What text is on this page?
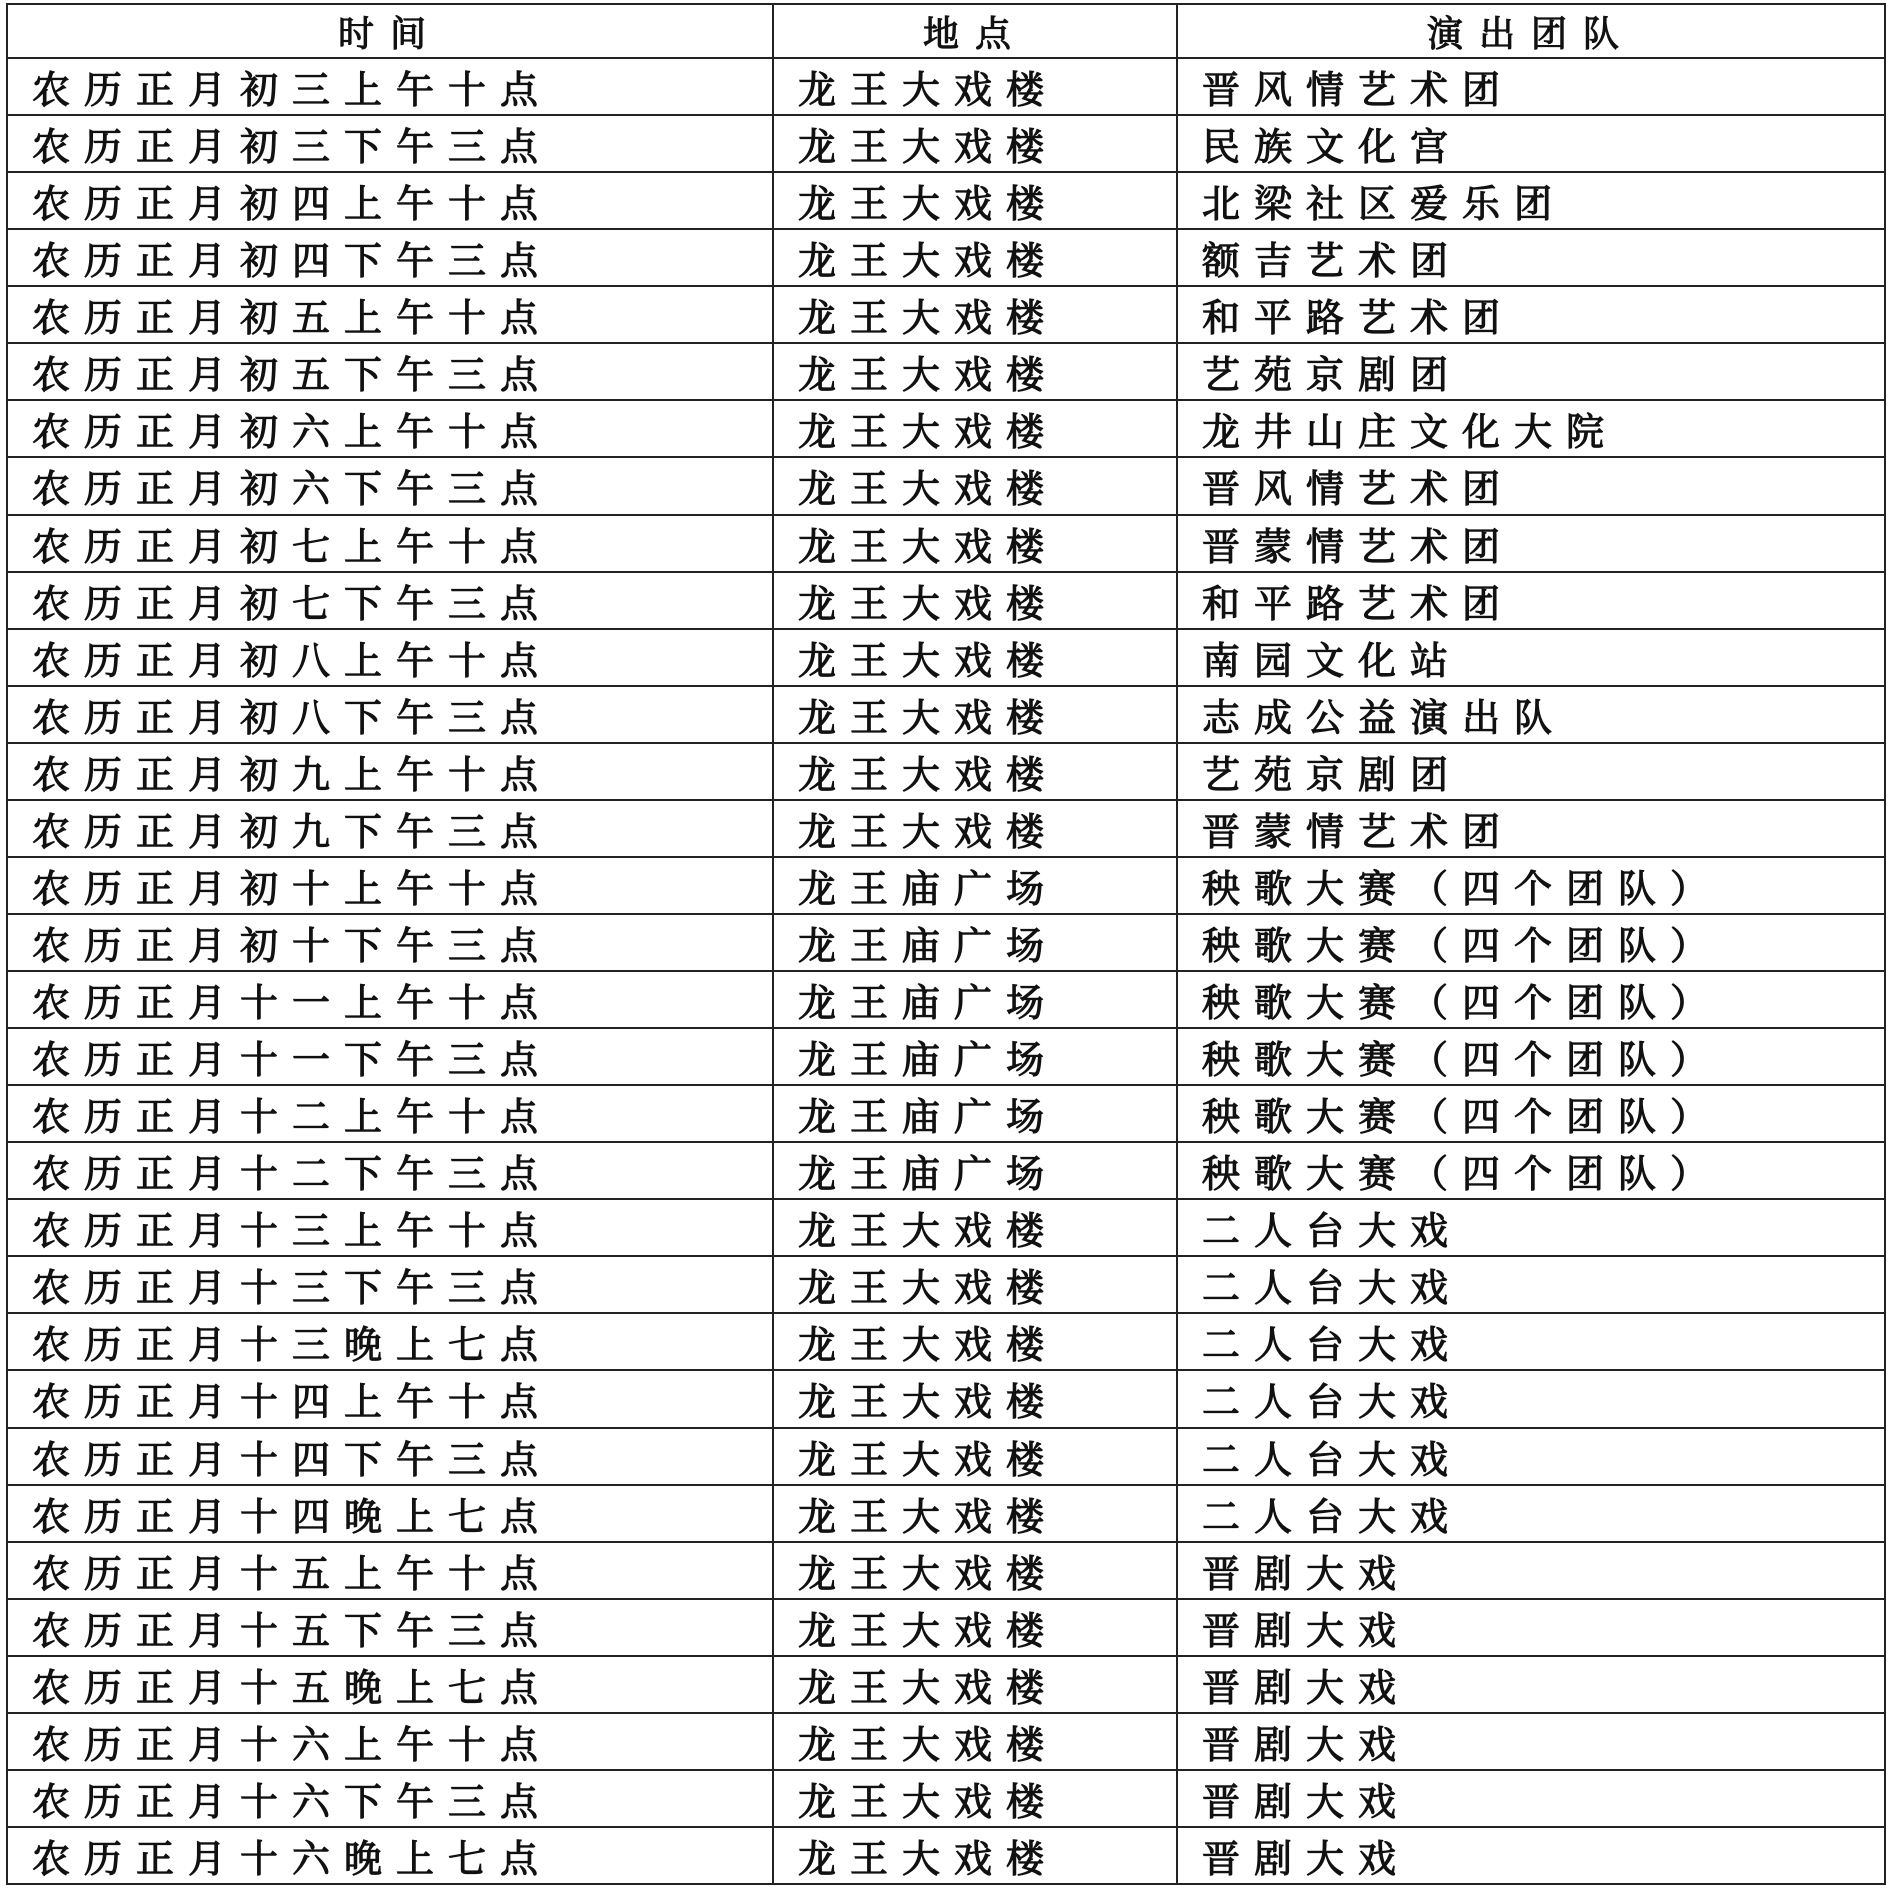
时间	地点	演出团队
农历正月初三上午十点	龙王大戏楼	晋风情艺术团
农历正月初三下午三点	龙王大戏楼	民族文化宫
农历正月初四上午十点	龙王大戏楼	北梁社区爱乐团
农历正月初四下午三点	龙王大戏楼	额吉艺术团
农历正月初五上午十点	龙王大戏楼	和平路艺术团
农历正月初五下午三点	龙王大戏楼	艺苑京剧团
农历正月初六上午十点	龙王大戏楼	龙井山庄文化大院
农历正月初六下午三点	龙王大戏楼	晋风情艺术团
农历正月初七上午十点	龙王大戏楼	晋蒙情艺术团
农历正月初七下午三点	龙王大戏楼	和平路艺术团
农历正月初八上午十点	龙王大戏楼	南园文化站
农历正月初八下午三点	龙王大戏楼	志成公益演出队
农历正月初九上午十点	龙王大戏楼	艺苑京剧团
农历正月初九下午三点	龙王大戏楼	晋蒙情艺术团
农历正月初十上午十点	龙王庙广场	秧歌大赛（四个团队）
农历正月初十下午三点	龙王庙广场	秧歌大赛（四个团队）
农历正月十一上午十点	龙王庙广场	秧歌大赛（四个团队）
农历正月十一下午三点	龙王庙广场	秧歌大赛（四个团队）
农历正月十二上午十点	龙王庙广场	秧歌大赛（四个团队）
农历正月十二下午三点	龙王庙广场	秧歌大赛（四个团队）
农历正月十三上午十点	龙王大戏楼	二人台大戏
农历正月十三下午三点	龙王大戏楼	二人台大戏
农历正月十三晚上七点	龙王大戏楼	二人台大戏
农历正月十四上午十点	龙王大戏楼	二人台大戏
农历正月十四下午三点	龙王大戏楼	二人台大戏
农历正月十四晚上七点	龙王大戏楼	二人台大戏
农历正月十五上午十点	龙王大戏楼	晋剧大戏
农历正月十五下午三点	龙王大戏楼	晋剧大戏
农历正月十五晚上七点	龙王大戏楼	晋剧大戏
农历正月十六上午十点	龙王大戏楼	晋剧大戏
农历正月十六下午三点	龙王大戏楼	晋剧大戏
农历正月十六晚上七点	龙王大戏楼	晋剧大戏
